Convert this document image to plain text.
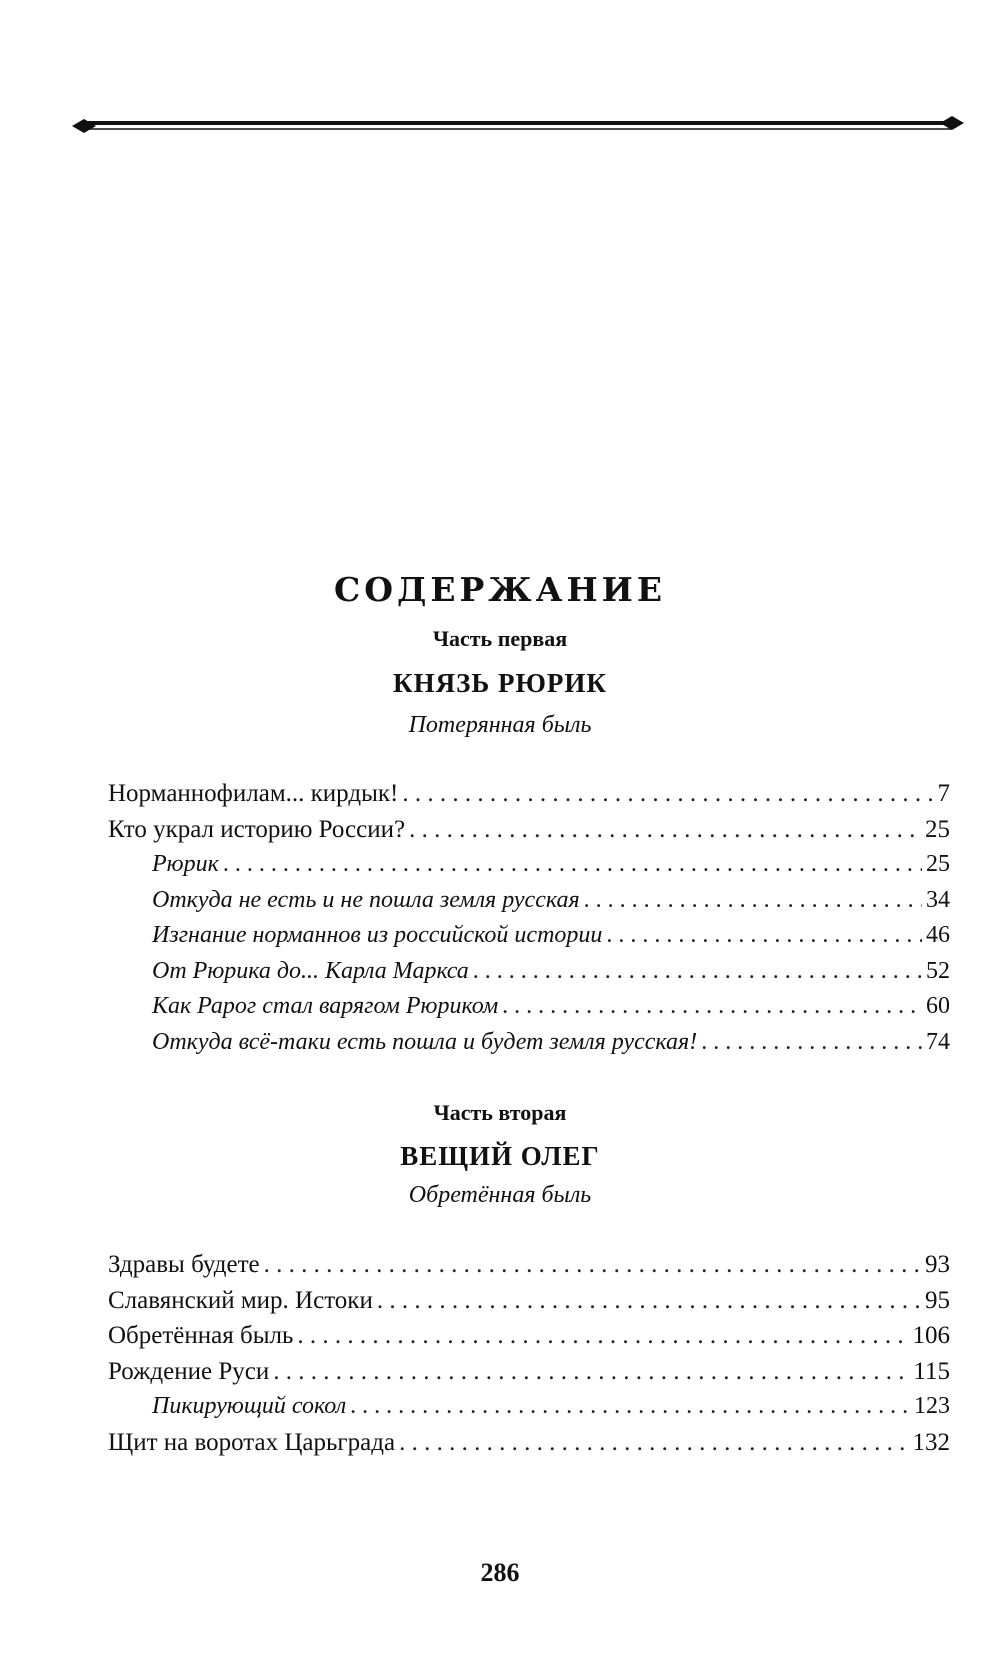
СОДЕРЖАНИЕ
Часть первая
КНЯЗЬ РЮРИК
Потерянная быль
Норманнофилам... кирдык! . . .	7
Кто украл историю России? . . .	25
Рюрик . . .	25
Откуда не есть и не пошла земля русская . . .	34
Изгнание норманнов из российской истории . . .	46
От Рюрика до... Карла Маркса . . .	52
Как Рарог стал варягом Рюриком . . .	60
Откуда всё-таки есть пошла и будет земля русская! . . .	74
Часть вторая
ВЕЩИЙ ОЛЕГ
Обретённая быль
Здравы будете . . .	93
Славянский мир. Истоки . . .	95
Обретённая быль . . .	106
Рождение Руси . . .	115
Пикирующий сокол . . .	123
Щит на воротах Царьграда . . .	132
286
